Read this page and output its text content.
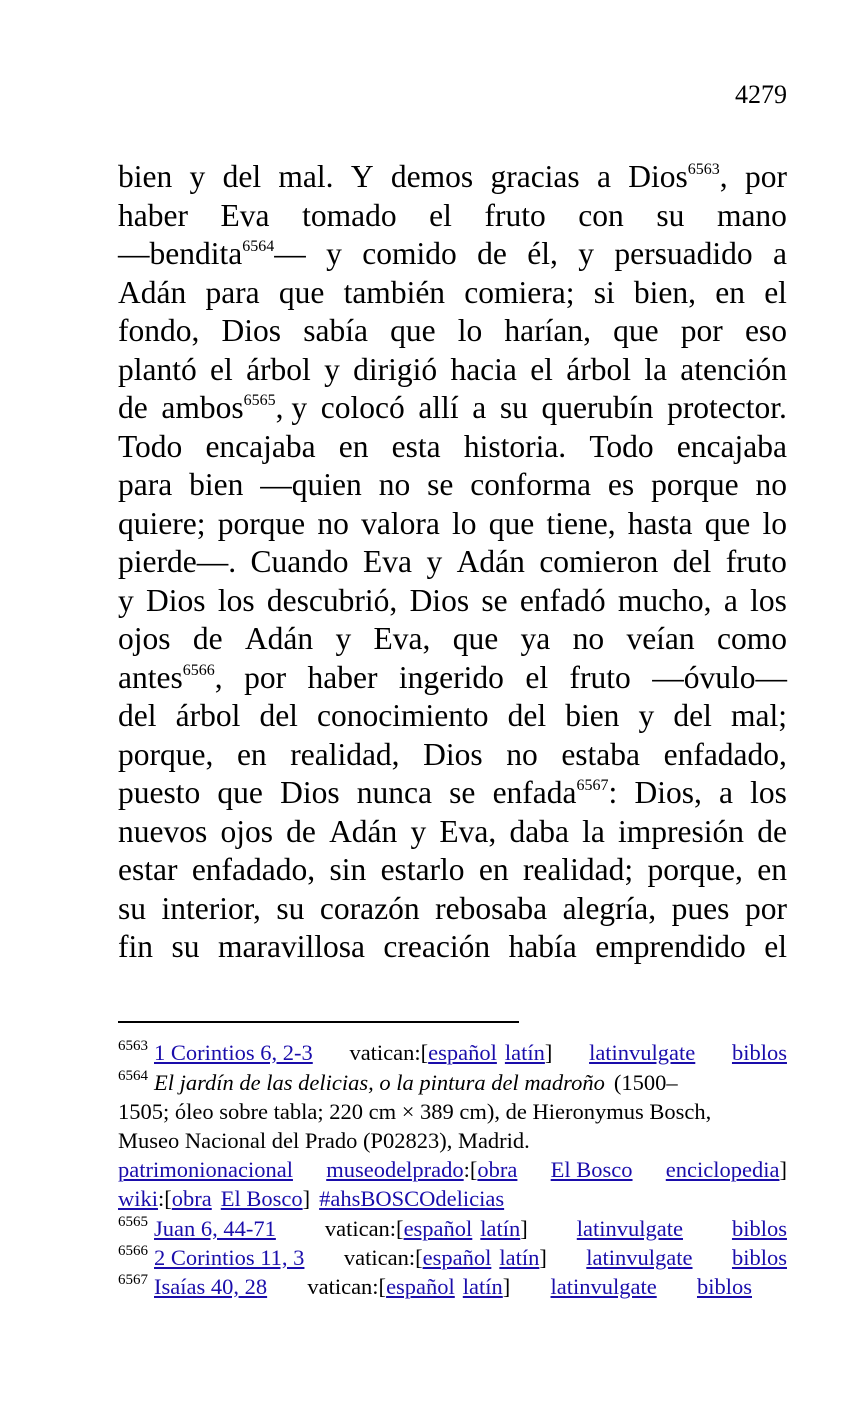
4279
bien y del mal. Y demos gracias a Dios$^{6563}$, por
haber Eva tomado el fruto con su mano
—bendita$^{6564}$— y comido de él, y persuadido a
Adán para que también comiera; si bien, en el
fondo, Dios sabía que lo harían, que por eso
plantó el árbol y dirigió hacia el árbol la atención
de ambos$^{6565}$, y colocó allí a su querubín protector.
Todo encajaba en esta historia. Todo encajaba
para bien —quien no se conforma es porque no
quiere; porque no valora lo que tiene, hasta que lo
pierde—. Cuando Eva y Adán comieron del fruto
y Dios los descubrió, Dios se enfadó mucho, a los
ojos de Adán y Eva, que ya no veían como
antes$^{6566}$, por haber ingerido el fruto —óvulo—
del árbol del conocimiento del bien y del mal;
porque, en realidad, Dios no estaba enfadado,
puesto que Dios nunca se enfada$^{6567}$: Dios, a los
nuevos ojos de Adán y Eva, daba la impresión de
estar enfadado, sin estarlo en realidad; porque, en
su interior, su corazón rebosaba alegría, pues por
fin su maravillosa creación había emprendido el
$^{6563}$ 1 Corintios 6, 2-3 vatican:[español latín] latinvulgate biblos
$^{6564}$ El jardín de las delicias, o la pintura del madroño (1500–
1505; óleo sobre tabla; 220 cm × 389 cm), de Hieronymus Bosch,
Museo Nacional del Prado (P02823), Madrid.
patrimonionacional museodelprado:[obra El Bosco enciclopedia]
wiki:[obra El Bosco] #ahsBOSCOdelicias
$^{6565}$ Juan 6, 44-71 vatican:[español latín] latinvulgate biblos
$^{6566}$ 2 Corintios 11, 3 vatican:[español latín] latinvulgate biblos
$^{6567}$ Isaías 40, 28 vatican:[español latín] latinvulgate biblos
